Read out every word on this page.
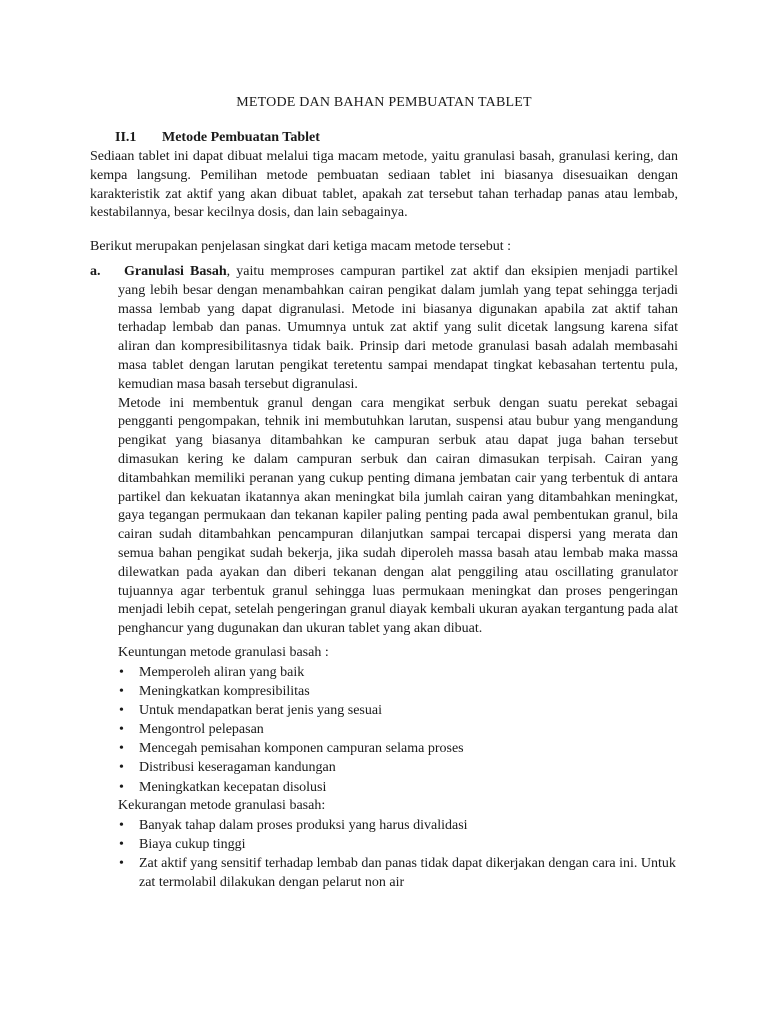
METODE DAN BAHAN PEMBUATAN TABLET
II.1 Metode Pembuatan Tablet
Sediaan tablet ini dapat dibuat melalui tiga macam metode, yaitu granulasi basah, granulasi kering, dan kempa langsung. Pemilihan metode pembuatan sediaan tablet ini biasanya disesuaikan dengan karakteristik zat aktif yang akan dibuat tablet, apakah zat tersebut tahan terhadap panas atau lembab, kestabilannya, besar kecilnya dosis, dan lain sebagainya.
Berikut merupakan penjelasan singkat dari ketiga macam metode tersebut :
a.	Granulasi Basah, yaitu memproses campuran partikel zat aktif dan eksipien menjadi partikel yang lebih besar dengan menambahkan cairan pengikat dalam jumlah yang tepat sehingga terjadi massa lembab yang dapat digranulasi. Metode ini biasanya digunakan apabila zat aktif tahan terhadap lembab dan panas. Umumnya untuk zat aktif yang sulit dicetak langsung karena sifat aliran dan kompresibilitasnya tidak baik. Prinsip dari metode granulasi basah adalah membasahi masa tablet dengan larutan pengikat teretentu sampai mendapat tingkat kebasahan tertentu pula, kemudian masa basah tersebut digranulasi.

Metode ini membentuk granul dengan cara mengikat serbuk dengan suatu perekat sebagai pengganti pengompakan, tehnik ini membutuhkan larutan, suspensi atau bubur yang mengandung pengikat yang biasanya ditambahkan ke campuran serbuk atau dapat juga bahan tersebut dimasukan kering ke dalam campuran serbuk dan cairan dimasukan terpisah. Cairan yang ditambahkan memiliki peranan yang cukup penting dimana jembatan cair yang terbentuk di antara partikel dan kekuatan ikatannya akan meningkat bila jumlah cairan yang ditambahkan meningkat, gaya tegangan permukaan dan tekanan kapiler paling penting pada awal pembentukan granul, bila cairan sudah ditambahkan pencampuran dilanjutkan sampai tercapai dispersi yang merata dan semua bahan pengikat sudah bekerja, jika sudah diperoleh massa basah atau lembab maka massa dilewatkan pada ayakan dan diberi tekanan dengan alat penggiling atau oscillating granulator tujuannya agar terbentuk granul sehingga luas permukaan meningkat dan proses pengeringan menjadi lebih cepat, setelah pengeringan granul diayak kembali ukuran ayakan tergantung pada alat penghancur yang dugunakan dan ukuran tablet yang akan dibuat.

Keuntungan metode granulasi basah :
• Memperoleh aliran yang baik
• Meningkatkan kompresibilitas
• Untuk mendapatkan berat jenis yang sesuai
• Mengontrol pelepasan
• Mencegah pemisahan komponen campuran selama proses
• Distribusi keseragaman kandungan
• Meningkatkan kecepatan disolusi
Kekurangan metode granulasi basah:
• Banyak tahap dalam proses produksi yang harus divalidasi
• Biaya cukup tinggi
• Zat aktif yang sensitif terhadap lembab dan panas tidak dapat dikerjakan dengan cara ini. Untuk zat termolabil dilakukan dengan pelarut non air
